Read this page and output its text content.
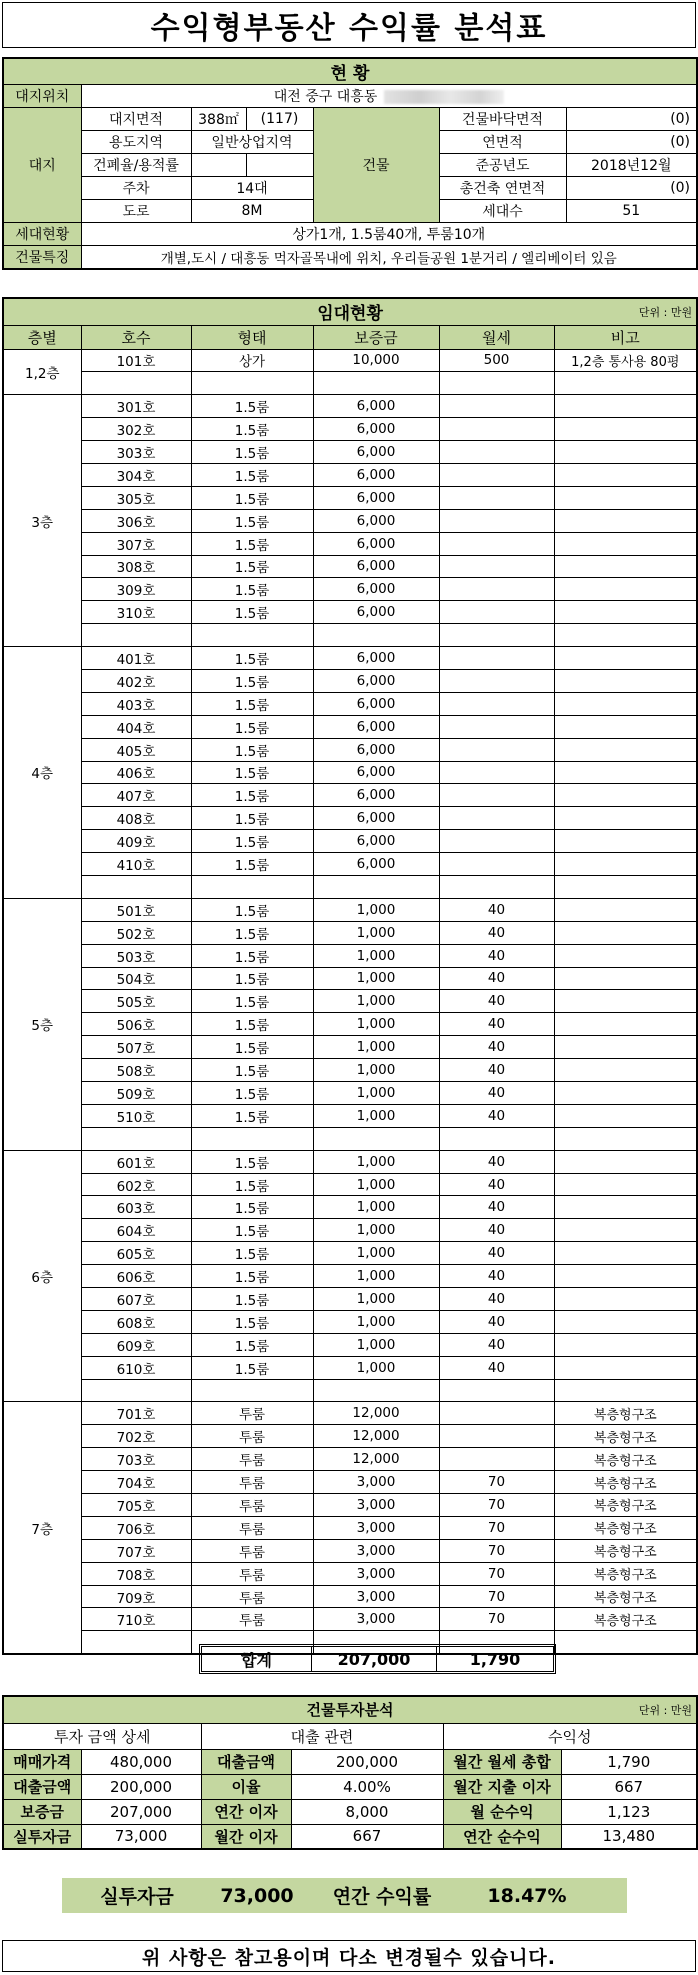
수익형부동산 수익률 분석표
현 황						
대지위치	대전 중구 대흥동					
대지	대지면적	388㎡	(117)	건물	건물바닥면적	(0)
	용도지역	일반상업지역			연면적	(0)
	건폐율/용적률				준공년도	2018년12월
	주차	14대			총건축 연면적	(0)
	도로	8M			세대수	51
세대현황	상가1개, 1.5룸40개, 투룸10개					
건물특징	개별,도시 / 대흥동 먹자골목내에 위치, 우리들공원 1분거리 / 엘리베이터 있음					
임대현황 단위 : 만원					

층별	호수	형태	보증금	월세	비고
1,2층	101호	상가	10,000	500	1,2층 통사용 80평

3층	301호	1.5룸	6,000		
	302호	1.5룸	6,000		
	303호	1.5룸	6,000		
	304호	1.5룸	6,000		
	305호	1.5룸	6,000		
	306호	1.5룸	6,000		
	307호	1.5룸	6,000		
	308호	1.5룸	6,000		
	309호	1.5룸	6,000		
	310호	1.5룸	6,000		

4층	401호	1.5룸	6,000		
	402호	1.5룸	6,000		
	403호	1.5룸	6,000		
	404호	1.5룸	6,000		
	405호	1.5룸	6,000		
	406호	1.5룸	6,000		
	407호	1.5룸	6,000		
	408호	1.5룸	6,000		
	409호	1.5룸	6,000		
	410호	1.5룸	6,000		

5층	501호	1.5룸	1,000	40	
	502호	1.5룸	1,000	40	
	503호	1.5룸	1,000	40	
	504호	1.5룸	1,000	40	
	505호	1.5룸	1,000	40	
	506호	1.5룸	1,000	40	
	507호	1.5룸	1,000	40	
	508호	1.5룸	1,000	40	
	509호	1.5룸	1,000	40	
	510호	1.5룸	1,000	40	

6층	601호	1.5룸	1,000	40	
	602호	1.5룸	1,000	40	
	603호	1.5룸	1,000	40	
	604호	1.5룸	1,000	40	
	605호	1.5룸	1,000	40	
	606호	1.5룸	1,000	40	
	607호	1.5룸	1,000	40	
	608호	1.5룸	1,000	40	
	609호	1.5룸	1,000	40	
	610호	1.5룸	1,000	40	

7층	701호	투룸	12,000		복층형구조
	702호	투룸	12,000		복층형구조
	703호	투룸	12,000		복층형구조
	704호	투룸	3,000	70	복층형구조
	705호	투룸	3,000	70	복층형구조
	706호	투룸	3,000	70	복층형구조
	707호	투룸	3,000	70	복층형구조
	708호	투룸	3,000	70	복층형구조
	709호	투룸	3,000	70	복층형구조
	710호	투룸	3,000	70	복층형구조

합계	207,000	1,790
건물투자분석 단위 : 만원					

투자 금액 상세		대출 관련		수익성	
매매가격	480,000	대출금액	200,000	월간 월세 총합	1,790
대출금액	200,000	이율	4.00%	월간 지출 이자	667
보증금	207,000	연간 이자	8,000	월 순수익	1,123
실투자금	73,000	월간 이자	667	연간 순수익	13,480
실투자금	73,000	연간 수익률	18.47%
위 사항은 참고용이며 다소 변경될수 있습니다.
